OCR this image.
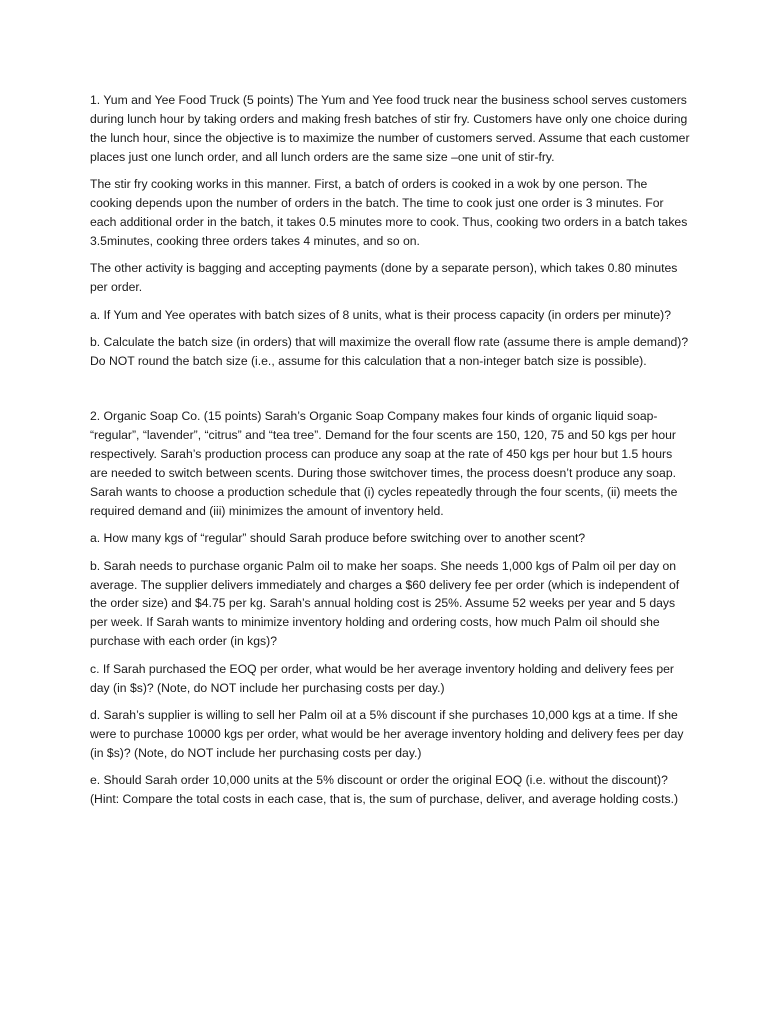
1. Yum and Yee Food Truck (5 points) The Yum and Yee food truck near the business school serves customers during lunch hour by taking orders and making fresh batches of stir fry. Customers have only one choice during the lunch hour, since the objective is to maximize the number of customers served. Assume that each customer places just one lunch order, and all lunch orders are the same size –one unit of stir-fry.

The stir fry cooking works in this manner. First, a batch of orders is cooked in a wok by one person. The cooking depends upon the number of orders in the batch. The time to cook just one order is 3 minutes. For each additional order in the batch, it takes 0.5 minutes more to cook. Thus, cooking two orders in a batch takes 3.5minutes, cooking three orders takes 4 minutes, and so on.

The other activity is bagging and accepting payments (done by a separate person), which takes 0.80 minutes per order.

a. If Yum and Yee operates with batch sizes of 8 units, what is their process capacity (in orders per minute)?

b. Calculate the batch size (in orders) that will maximize the overall flow rate (assume there is ample demand)? Do NOT round the batch size (i.e., assume for this calculation that a non-integer batch size is possible).

2. Organic Soap Co. (15 points) Sarah’s Organic Soap Company makes four kinds of organic liquid soap- “regular”, “lavender”, “citrus” and “tea tree”. Demand for the four scents are 150, 120, 75 and 50 kgs per hour respectively. Sarah’s production process can produce any soap at the rate of 450 kgs per hour but 1.5 hours are needed to switch between scents. During those switchover times, the process doesn’t produce any soap. Sarah wants to choose a production schedule that (i) cycles repeatedly through the four scents, (ii) meets the required demand and (iii) minimizes the amount of inventory held.

a. How many kgs of “regular” should Sarah produce before switching over to another scent?

b. Sarah needs to purchase organic Palm oil to make her soaps. She needs 1,000 kgs of Palm oil per day on average. The supplier delivers immediately and charges a $60 delivery fee per order (which is independent of the order size) and $4.75 per kg. Sarah’s annual holding cost is 25%. Assume 52 weeks per year and 5 days per week. If Sarah wants to minimize inventory holding and ordering costs, how much Palm oil should she purchase with each order (in kgs)?

c. If Sarah purchased the EOQ per order, what would be her average inventory holding and delivery fees per day (in $s)? (Note, do NOT include her purchasing costs per day.)

d. Sarah’s supplier is willing to sell her Palm oil at a 5% discount if she purchases 10,000 kgs at a time. If she were to purchase 10000 kgs per order, what would be her average inventory holding and delivery fees per day (in $s)? (Note, do NOT include her purchasing costs per day.)

e. Should Sarah order 10,000 units at the 5% discount or order the original EOQ (i.e. without the discount)? (Hint: Compare the total costs in each case, that is, the sum of purchase, deliver, and average holding costs.)
